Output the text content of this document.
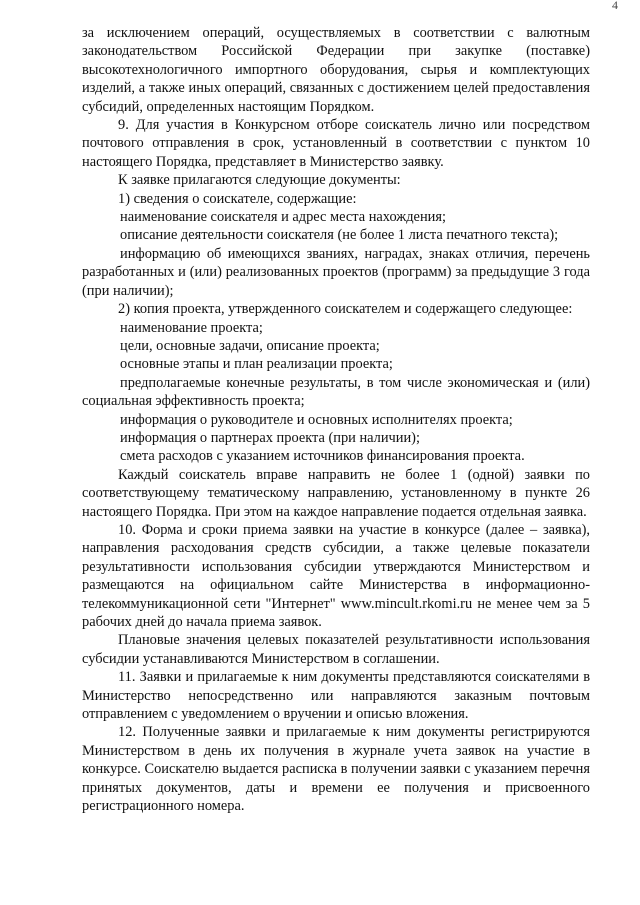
4

за исключением операций, осуществляемых в соответствии с валютным законодательством Российской Федерации при закупке (поставке) высокотехнологичного импортного оборудования, сырья и комплектующих изделий, а также иных операций, связанных с достижением целей предоставления субсидий, определенных настоящим Порядком.

9. Для участия в Конкурсном отборе соискатель лично или посредством почтового отправления в срок, установленный в соответствии с пунктом 10 настоящего Порядка, представляет в Министерство заявку.

К заявке прилагаются следующие документы:

1) сведения о соискателе, содержащие:

наименование соискателя и адрес места нахождения;

описание деятельности соискателя (не более 1 листа печатного текста);

информацию об имеющихся званиях, наградах, знаках отличия, перечень разработанных и (или) реализованных проектов (программ) за предыдущие 3 года (при наличии);

2) копия проекта, утвержденного соискателем и содержащего следующее:

наименование проекта;

цели, основные задачи, описание проекта;

основные этапы и план реализации проекта;

предполагаемые конечные результаты, в том числе экономическая и (или) социальная эффективность проекта;

информация о руководителе и основных исполнителях проекта;

информация о партнерах проекта (при наличии);

смета расходов с указанием источников финансирования проекта.

Каждый соискатель вправе направить не более 1 (одной) заявки по соответствующему тематическому направлению, установленному в пункте 26 настоящего Порядка. При этом на каждое направление подается отдельная заявка.

10. Форма и сроки приема заявки на участие в конкурсе (далее – заявка), направления расходования средств субсидии, а также целевые показатели результативности использования субсидии утверждаются Министерством и размещаются на официальном сайте Министерства в информационно-телекоммуникационной сети "Интернет" www.mincult.rkomi.ru не менее чем за 5 рабочих дней до начала приема заявок.

Плановые значения целевых показателей результативности использования субсидии устанавливаются Министерством в соглашении.

11. Заявки и прилагаемые к ним документы представляются соискателями в Министерство непосредственно или направляются заказным почтовым отправлением с уведомлением о вручении и описью вложения.

12. Полученные заявки и прилагаемые к ним документы регистрируются Министерством в день их получения в журнале учета заявок на участие в конкурсе. Соискателю выдается расписка в получении заявки с указанием перечня принятых документов, даты и времени ее получения и присвоенного регистрационного номера.
